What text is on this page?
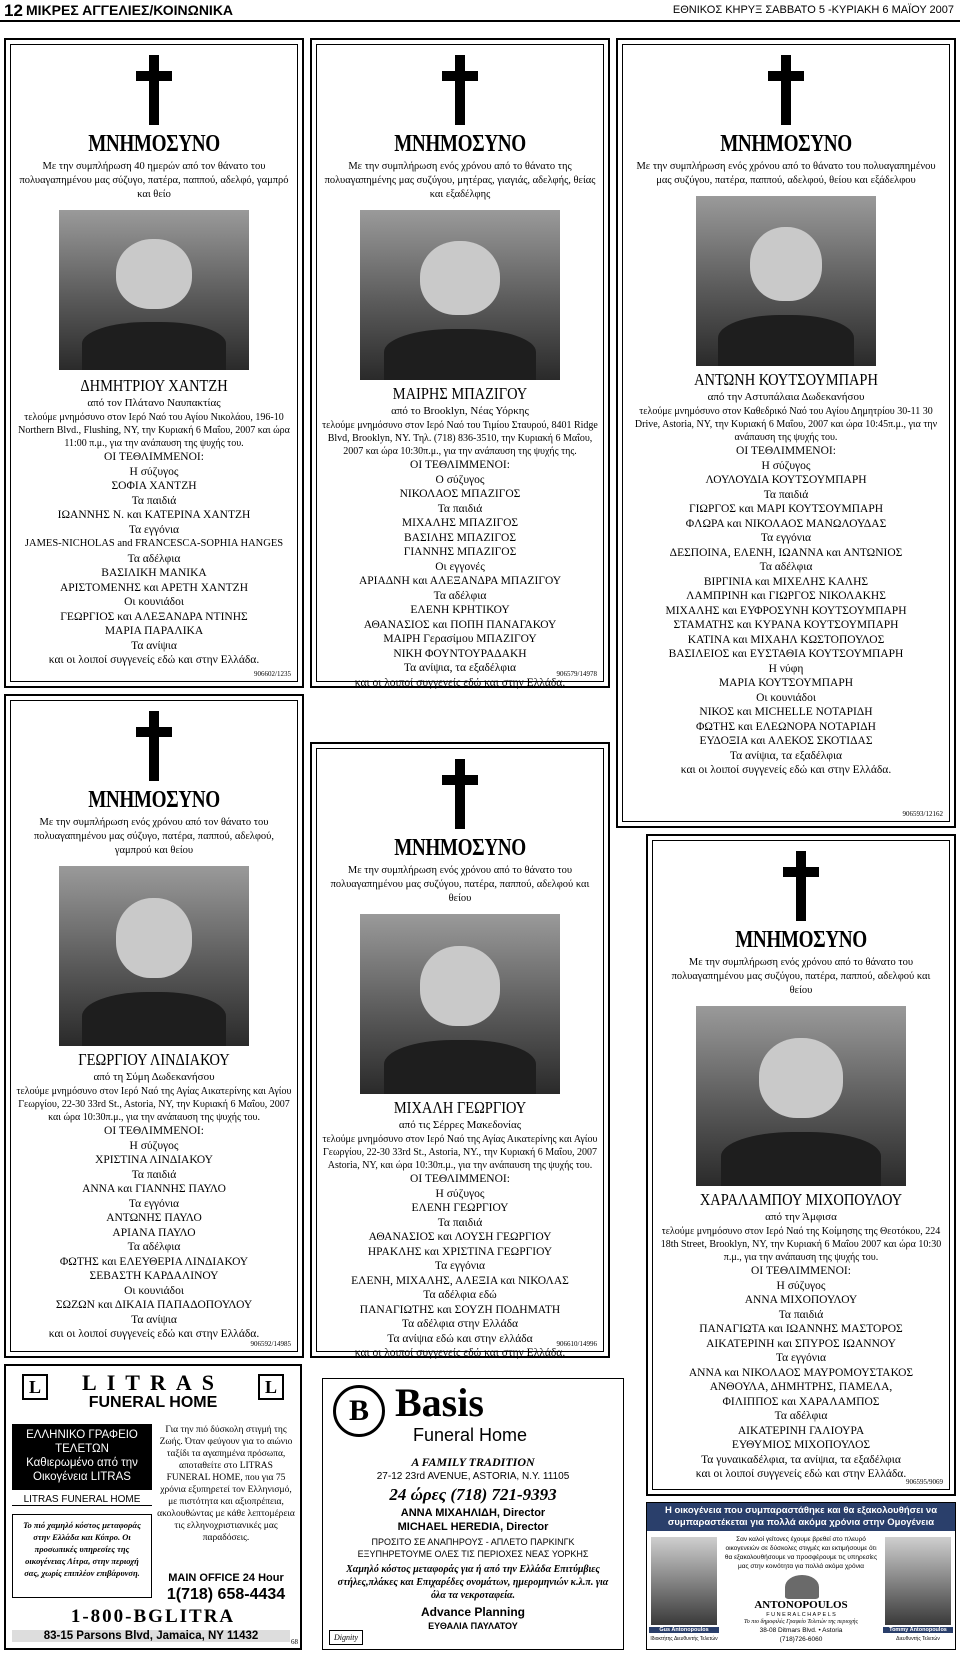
12 ΜΙΚΡΕΣ ΑΓΓΕΛΙΕΣ/ΚΟΙΝΩΝΙΚΑ	ΕΘΝΙΚΟΣ ΚΗΡΥΞ ΣΑΒΒΑΤΟ 5 -ΚΥΡΙΑΚΗ 6 ΜΑΪΟΥ 2007
ΜΝΗΜΟΣΥΝΟ
Με την συμπλήρωση 40 ημερών από τον θάνατο του πολυαγαπημένου μας σύζυγο, πατέρα, παππού, αδελφό, γαμπρό και θείο
ΔΗΜΗΤΡΙΟΥ ΧΑΝΤΖΗ
από τον Πλάτανο Ναυπακτίας
τελούμε μνημόσυνο στον Ιερό Ναό του Αγίου Νικολάου, 196-10 Northern Blvd., Flushing, NY, την Κυριακή 6 Μαΐου, 2007 και ώρα 11:00 π.μ., για την ανάπαυση της ψυχής του.
ΟΙ ΤΕΘΛΙΜΜΕΝΟΙ:
Η σύζυγος
ΣΟΦΙΑ ΧΑΝΤΖΗ
Τα παιδιά
ΙΩΑΝΝΗΣ Ν. και ΚΑΤΕΡΙΝΑ ΧΑΝΤΖΗ
Τα εγγόνια
JAMES-NICHOLAS and FRANCESCA-SOPHIA HANGES
Τα αδέλφια
ΒΑΣΙΛΙΚΗ ΜΑΝΙΚΑ
ΑΡΙΣΤΟΜΕΝΗΣ και ΑΡΕΤΗ ΧΑΝΤΖΗ
Οι κουνιάδοι
ΓΕΩΡΓΙΟΣ και ΑΛΕΞΑΝΔΡΑ ΝΤΙΝΗΣ
ΜΑΡΙΑ ΠΑΡΑΛΙΚΑ
Τα ανίψια
και οι λοιποί συγγενείς εδώ και στην Ελλάδα.
906602/1235
ΜΝΗΜΟΣΥΝΟ
Με την συμπλήρωση ενός χρόνου από το θάνατο της πολυαγαπημένης μας συζύγου, μητέρας, γιαγιάς, αδελφής, θείας και εξαδέλφης
ΜΑΙΡΗΣ ΜΠΑΖΙΓΟΥ
από το Brooklyn, Νέας Υόρκης
τελούμε μνημόσυνο στον Ιερό Ναό του Τιμίου Σταυρού, 8401 Ridge Blvd, Brooklyn, NY. Τηλ. (718) 836-3510, την Κυριακή 6 Μαΐου, 2007 και ώρα 10:30π.μ., για την ανάπαυση της ψυχής της.
ΟΙ ΤΕΘΛΙΜΜΕΝΟΙ:
Ο σύζυγος
ΝΙΚΟΛΑΟΣ ΜΠΑΖΙΓΟΣ
Τα παιδιά
ΜΙΧΑΛΗΣ ΜΠΑΖΙΓΟΣ
ΒΑΣΙΛΗΣ ΜΠΑΖΙΓΟΣ
ΓΙΑΝΝΗΣ ΜΠΑΖΙΓΟΣ
Οι εγγονές
ΑΡΙΑΔΝΗ και ΑΛΕΞΑΝΔΡΑ ΜΠΑΖΙΓΟΥ
Τα αδέλφια
ΕΛΕΝΗ ΚΡΗΤΙΚΟΥ
ΑΘΑΝΑΣΙΟΣ και ΠΟΠΗ ΠΑΝΑΓΑΚΟΥ
ΜΑΙΡΗ Γερασίμου ΜΠΑΖΙΓΟΥ
ΝΙΚΗ ΦΟΥΝΤΟΥΡΑΔΑΚΗ
Τα ανίψια, τα εξαδέλφια
και οι λοιποί συγγενείς εδώ και στην Ελλάδα.
906579/14978
ΜΝΗΜΟΣΥΝΟ
Με την συμπλήρωση ενός χρόνου από το θάνατο του πολυαγαπημένου μας συζύγου, πατέρα, παππού, αδελφού, θείου και εξάδελφου
ΑΝΤΩΝΗ ΚΟΥΤΣΟΥΜΠΑΡΗ
από την Αστυπάλαια Δωδεκανήσου
τελούμε μνημόσυνο στον Καθεδρικό Ναό του Αγίου Δημητρίου 30-11 30 Drive, Astoria, NY, την Κυριακή 6 Μαΐου, 2007 και ώρα 10:45π.μ., για την ανάπαυση της ψυχής του.
ΟΙ ΤΕΘΛΙΜΜΕΝΟΙ:
Η σύζυγος
ΛΟΥΛΟΥΔΙΑ ΚΟΥΤΣΟΥΜΠΑΡΗ
Τα παιδιά
ΓΙΩΡΓΟΣ και ΜΑΡΙ ΚΟΥΤΣΟΥΜΠΑΡΗ
ΦΛΩΡΑ και ΝΙΚΟΛΑΟΣ ΜΑΝΩΛΟΥΔΑΣ
Τα εγγόνια
ΔΕΣΠΟΙΝΑ, ΕΛΕΝΗ, ΙΩΑΝΝΑ και ΑΝΤΩΝΙΟΣ
Τα αδέλφια
ΒΙΡΓΙΝΙΑ και ΜΙΧΕΛΗΣ ΚΑΛΗΣ
ΛΑΜΠΡΙΝΗ και ΓΙΩΡΓΟΣ ΝΙΚΟΛΑΚΗΣ
ΜΙΧΑΛΗΣ και ΕΥΦΡΟΣΥΝΗ ΚΟΥΤΣΟΥΜΠΑΡΗ
ΣΤΑΜΑΤΗΣ και ΚΥΡΑΝΑ ΚΟΥΤΣΟΥΜΠΑΡΗ
ΚΑΤΙΝΑ και ΜΙΧΑΗΛ ΚΩΣΤΟΠΟΥΛΟΣ
ΒΑΣΙΛΕΙΟΣ και ΕΥΣΤΑΘΙΑ ΚΟΥΤΣΟΥΜΠΑΡΗ
Η νύφη
ΜΑΡΙΑ ΚΟΥΤΣΟΥΜΠΑΡΗ
Οι κουνιάδοι
ΝΙΚΟΣ και MICHELLE ΝΟΤΑΡΙΔΗ
ΦΩΤΗΣ και ΕΛΕΩΝΟΡΑ ΝΟΤΑΡΙΔΗ
ΕΥΔΟΞΙΑ και ΑΛΕΚΟΣ ΣΚΟΤΙΔΑΣ
Τα ανίψια, τα εξαδέλφια
και οι λοιποί συγγενείς εδώ και στην Ελλάδα.
906593/12162
ΜΝΗΜΟΣΥΝΟ
Με την συμπλήρωση ενός χρόνου από τον θάνατο του πολυαγαπημένου μας σύζυγο, πατέρα, παππού, αδελφού, γαμπρού και θείου
ΓΕΩΡΓΙΟΥ ΛΙΝΔΙΑΚΟΥ
από τη Σύμη Δωδεκανήσου
τελούμε μνημόσυνο στον Ιερό Ναό της Αγίας Αικατερίνης και Αγίου Γεωργίου, 22-30 33rd St., Astoria, NY, την Κυριακή 6 Μαΐου, 2007 και ώρα 10:30π.μ., για την ανάπαυση της ψυχής του.
ΟΙ ΤΕΘΛΙΜΜΕΝΟΙ:
Η σύζυγος
ΧΡΙΣΤΙΝΑ ΛΙΝΔΙΑΚΟΥ
Τα παιδιά
ΑΝΝΑ και ΓΙΑΝΝΗΣ ΠΑΥΛΟ
Τα εγγόνια
ΑΝΤΩΝΗΣ ΠΑΥΛΟ
ΑΡΙΑΝΑ ΠΑΥΛΟ
Τα αδέλφια
ΦΩΤΗΣ και ΕΛΕΥΘΕΡΙΑ ΛΙΝΔΙΑΚΟΥ
ΣΕΒΑΣΤΗ ΚΑΡΔΑΛΙΝΟΥ
Οι κουνιάδοι
ΣΩΖΩΝ και ΔΙΚΑΙΑ ΠΑΠΑΔΟΠΟΥΛΟΥ
Τα ανίψια
και οι λοιποί συγγενείς εδώ και στην Ελλάδα.
906592/14985
ΜΝΗΜΟΣΥΝΟ
Με την συμπλήρωση ενός χρόνου από το θάνατο του πολυαγαπημένου μας συζύγου, πατέρα, παππού, αδελφού και θείου
ΜΙΧΑΛΗ ΓΕΩΡΓΙΟΥ
από τις Σέρρες Μακεδονίας
τελούμε μνημόσυνο στον Ιερό Ναό της Αγίας Αικατερίνης και Αγίου Γεωργίου, 22-30 33rd St., Astoria, NY., την Κυριακή 6 Μαΐου, 2007 Astoria, NY, και ώρα 10:30π.μ., για την ανάπαυση της ψυχής του.
ΟΙ ΤΕΘΛΙΜΜΕΝΟΙ:
Η σύζυγος
ΕΛΕΝΗ ΓΕΩΡΓΙΟΥ
Τα παιδιά
ΑΘΑΝΑΣΙΟΣ και ΛΟΥΣΗ ΓΕΩΡΓΙΟΥ
ΗΡΑΚΛΗΣ και ΧΡΙΣΤΙΝΑ ΓΕΩΡΓΙΟΥ
Τα εγγόνια
ΕΛΕΝΗ, ΜΙΧΑΛΗΣ, ΑΛΕΞΙΑ και ΝΙΚΟΛΑΣ
Τα αδέλφια εδώ
ΠΑΝΑΓΙΩΤΗΣ και ΣΟΥΖΗ ΠΟΔΗΜΑΤΗ
Τα αδέλφια στην Ελλάδα
Τα ανίψια εδώ και στην ελλάδα
και οι λοιποί συγγενείς εδώ και στην Ελλάδα.
906610/14996
ΜΝΗΜΟΣΥΝΟ
Με την συμπλήρωση ενός χρόνου από το θάνατο του πολυαγαπημένου μας συζύγου, πατέρα, παππού, αδελφού και θείου
ΧΑΡΑΛΑΜΠΟΥ ΜΙΧΟΠΟΥΛΟΥ
από την Άμφισα
τελούμε μνημόσυνο στον Ιερό Ναό της Κοίμησης της Θεοτόκου, 224 18th Street, Brooklyn, NY, την Κυριακή 6 Μαΐου 2007 και ώρα 10:30 π.μ., για την ανάπαυση της ψυχής του.
ΟΙ ΤΕΘΛΙΜΜΕΝΟΙ:
Η σύζυγος
ΑΝΝΑ ΜΙΧΟΠΟΥΛΟΥ
Τα παιδιά
ΠΑΝΑΓΙΩΤΑ και ΙΩΑΝΝΗΣ ΜΑΣΤΟΡΟΣ
ΑΙΚΑΤΕΡΙΝΗ και ΣΠΥΡΟΣ ΙΩΑΝΝΟΥ
Τα εγγόνια
ΑΝΝΑ και ΝΙΚΟΛΑΟΣ ΜΑΥΡΟΜΟΥΣΤΑΚΟΣ
ΑΝΘΟΥΛΑ, ΔΗΜΗΤΡΗΣ, ΠΑΜΕΛΑ,
ΦΙΛΙΠΠΟΣ και ΧΑΡΑΛΑΜΠΟΣ
Τα αδέλφια
ΑΙΚΑΤΕΡΙΝΗ ΓΑΛΙΟΥΡΑ
ΕΥΘΥΜΙΟΣ ΜΙΧΟΠΟΥΛΟΣ
Τα γυναικαδέλφια, τα ανίψια, τα εξαδέλφια
και οι λοιποί συγγενείς εδώ και στην Ελλάδα.
906595/9069
L	L
LITRAS
FUNERAL HOME
ΕΛΛΗΝΙΚΟ ΓΡΑΦΕΙΟ ΤΕΛΕΤΩΝ Καθιερωμένο από την Οικογένεια LITRAS
LITRAS FUNERAL HOME
Το πιό χαμηλό κόστος μεταφοράς στην Ελλάδα και Κύπρο. Οι προσωπικές υπηρεσίες της οικογένειας Λίτρα, στην περιοχή σας, χωρίς επιπλέον επιβάρυνση.
Για την πιό δύσκολη στιγμή της Ζωής. Όταν φεύγουν για το αιώνιο ταξίδι τα αγαπημένα πρόσωπα, αποταθείτε στο LITRAS FUNERAL HOME, που για 75 χρόνια εξυπηρετεί τον Ελληνισμό, με πιστότητα και αξιοπρέπεια, ακολουθώντας με κάθε λεπτομέρεια τις ελληνοχριστιανικές μας παραδόσεις.
MAIN OFFICE 24 Hour
1(718) 658-4434
1-800-BGLITRA
83-15 Parsons Blvd, Jamaica, NY 11432	68
B Basis
Funeral Home
A FAMILY TRADITION
27-12 23rd AVENUE, ASTORIA, N.Y. 11105
24 ώρες (718) 721-9393
ANNA ΜΙΧΑΗΛΙΔΗ, Director
MICHAEL HEREDIA, Director
ΠΡΟΣΙΤΟ ΣΕ ΑΝΑΠΗΡΟΥΣ - ΑΠΛΕΤΟ ΠΑΡΚΙΝΓΚ
ΕΞΥΠΗΡΕΤΟΥΜΕ ΟΛΕΣ ΤΙΣ ΠΕΡΙΟΧΕΣ ΝΕΑΣ ΥΟΡΚΗΣ
Χαμηλό κόστος μεταφοράς για ή από την Ελλάδα Επιτύμβιες στήλες,πλάκες και Επιχαρέδες ονομάτων, ημερομηνιών κ.λ.π. για όλα τα νεκροταφεία.
Advance Planning
ΕΥΘΑΛΙΑ ΠΑΥΛΑΤΟΥ
Dignity
Η οικογένεια που συμπαραστάθηκε και θα εξακολουθήσει να συμπαραστέκεται για πολλά ακόμα χρόνια στην Ομογένεια
Σαν καλοί γείτονες έχουμε βρεθεί στο πλευρό οικογενειών σε δύσκολες στιγμές και εκτιμήσουμε ότι θα εξακολουθήσουμε να προσφέρουμε τις υπηρεσίες μας στην κοινότητα για πολλά ακόμα χρόνια
ΑΝΤΟΝΟPOULOS
F U N E R A L C H A P E L S
Το πιο δημοφιλές Γραφείο Τελετών της περιοχής
38-08 Ditmars Blvd. • Astoria
(718)726-6060
Gus Antonopoulos
Ιδιοκτήτης Διευθυντής Τελετών
Tommy Antonopoulos
Διευθυντής Τελετών
